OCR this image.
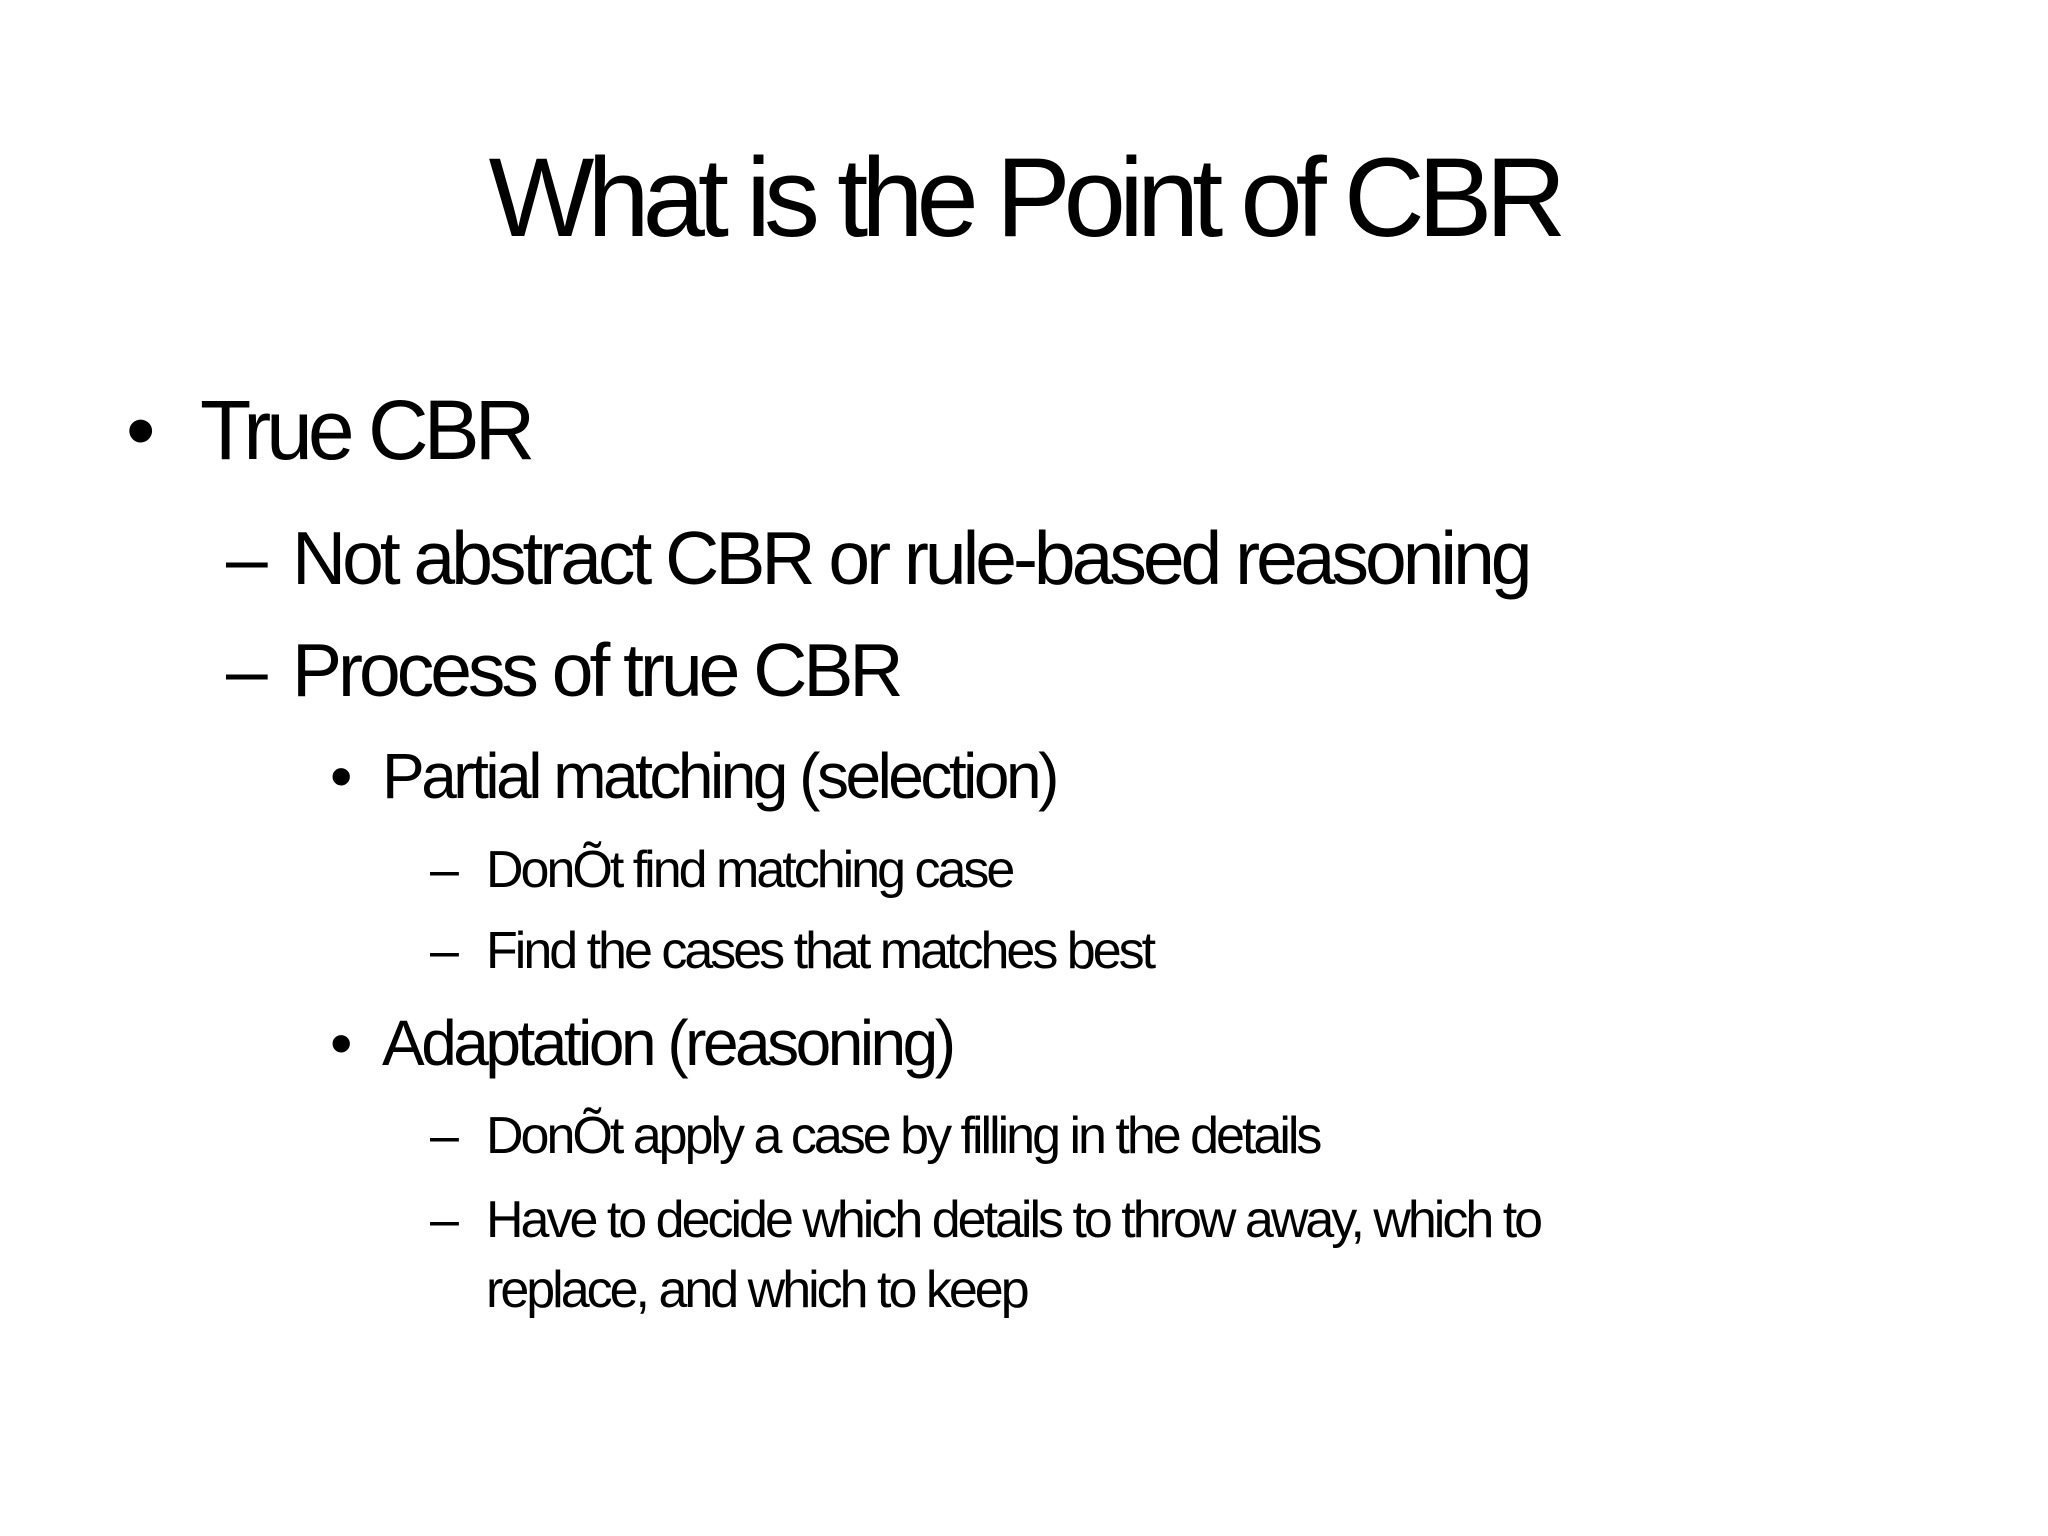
What is the Point of CBR
• True CBR
– Not abstract CBR or rule-based reasoning
– Process of true CBR
• Partial matching (selection)
– DonÕt find matching case
– Find the cases that matches best
• Adaptation (reasoning)
– DonÕt apply a case by filling in the details
– Have to decide which details to throw away, which to
replace, and which to keep
